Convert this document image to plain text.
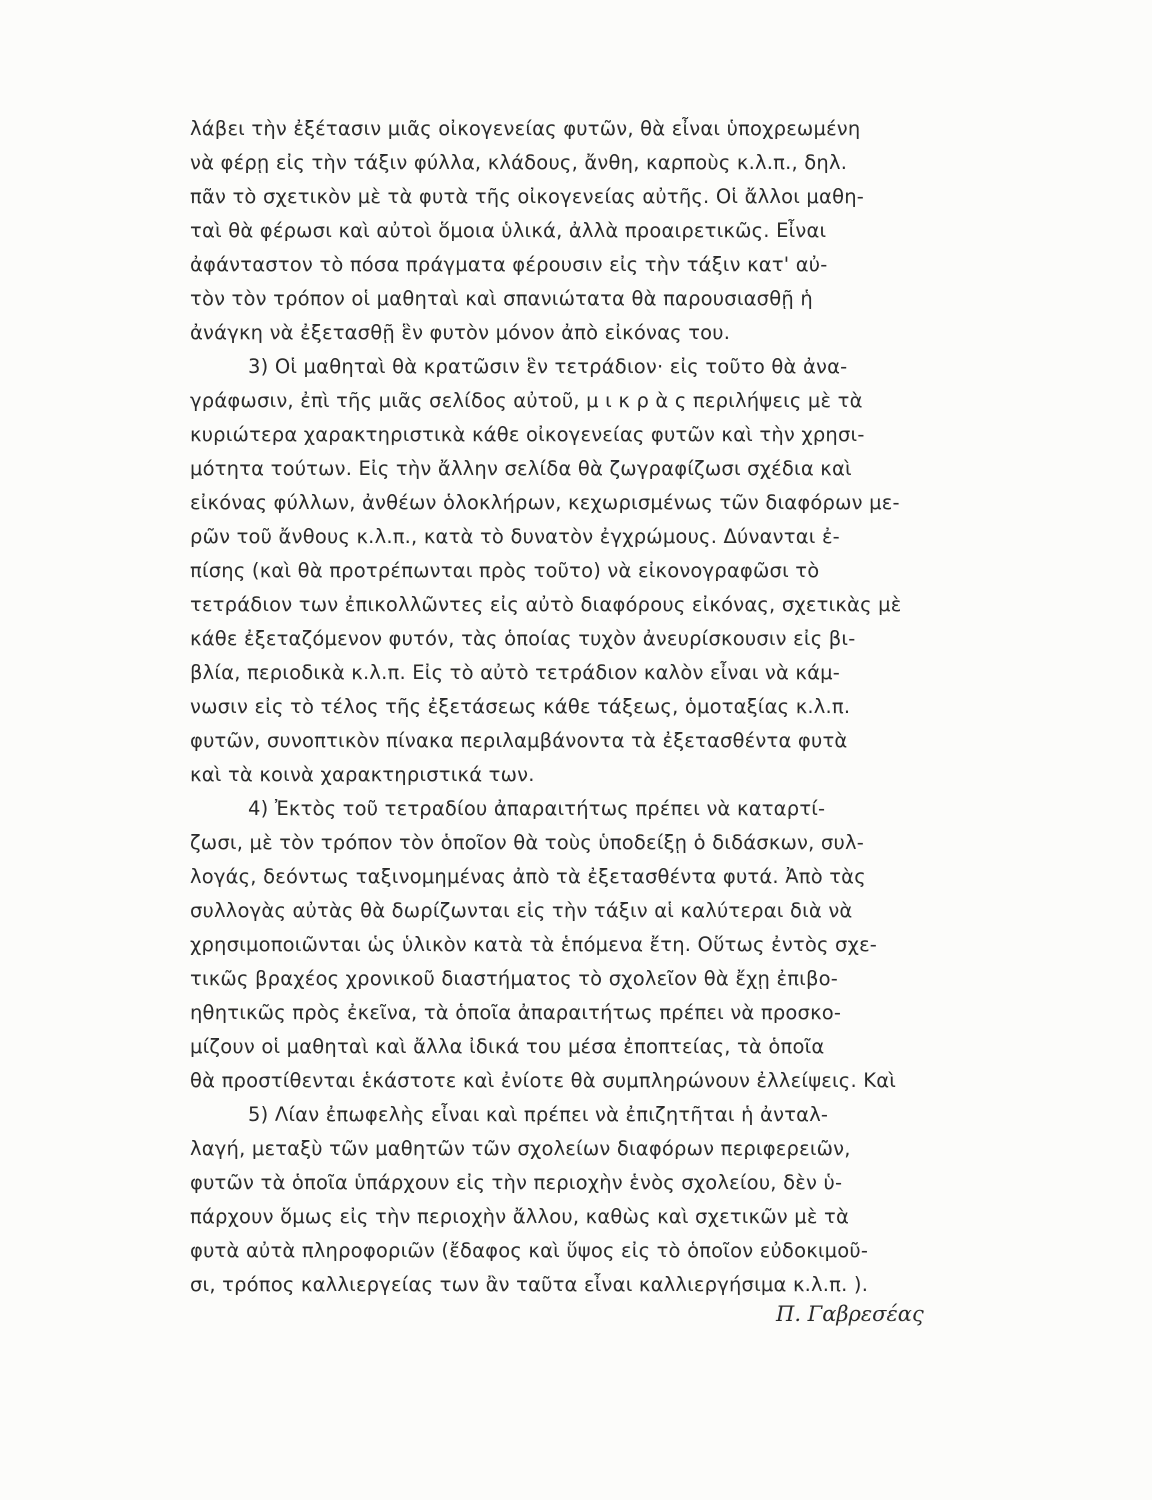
λάβει τὴν ἐξέτασιν μιᾶς οἰκογενείας φυτῶν, θὰ εἶναι ὑποχρεωμένη
νὰ φέρῃ εἰς τὴν τάξιν φύλλα, κλάδους, ἄνθη, καρποὺς κ.λ.π., δηλ.
πᾶν τὸ σχετικὸν μὲ τὰ φυτὰ τῆς οἰκογενείας αὐτῆς. Οἱ ἄλλοι μαθη-
ταὶ θὰ φέρωσι καὶ αὐτοὶ ὅμοια ὑλικά, ἀλλὰ προαιρετικῶς. Εἶναι
ἀφάνταστον τὸ πόσα πράγματα φέρουσιν εἰς τὴν τάξιν κατ' αὐ-
τὸν τὸν τρόπον οἱ μαθηταὶ καὶ σπανιώτατα θὰ παρουσιασθῇ ἡ
ἀνάγκη νὰ ἐξετασθῇ ἓν φυτὸν μόνον ἀπὸ εἰκόνας του.
3) Οἱ μαθηταὶ θὰ κρατῶσιν ἓν τετράδιον· εἰς τοῦτο θὰ ἀνα-
γράφωσιν, ἐπὶ τῆς μιᾶς σελίδος αὐτοῦ, μ ι κ ρ ὰ ς περιλήψεις μὲ τὰ
κυριώτερα χαρακτηριστικὰ κάθε οἰκογενείας φυτῶν καὶ τὴν χρησι-
μότητα τούτων. Εἰς τὴν ἄλλην σελίδα θὰ ζωγραφίζωσι σχέδια καὶ
εἰκόνας φύλλων, ἀνθέων ὁλοκλήρων, κεχωρισμένως τῶν διαφόρων με-
ρῶν τοῦ ἄνθους κ.λ.π., κατὰ τὸ δυνατὸν ἐγχρώμους. Δύνανται ἐ-
πίσης (καὶ θὰ προτρέπωνται πρὸς τοῦτο) νὰ εἰκονογραφῶσι τὸ
τετράδιον των ἐπικολλῶντες εἰς αὐτὸ διαφόρους εἰκόνας, σχετικὰς μὲ
κάθε ἐξεταζόμενον φυτόν, τὰς ὁποίας τυχὸν ἀνευρίσκουσιν εἰς βι-
βλία, περιοδικὰ κ.λ.π. Εἰς τὸ αὐτὸ τετράδιον καλὸν εἶναι νὰ κάμ-
νωσιν εἰς τὸ τέλος τῆς ἐξετάσεως κάθε τάξεως, ὁμοταξίας κ.λ.π.
φυτῶν, συνοπτικὸν πίνακα περιλαμβάνοντα τὰ ἐξετασθέντα φυτὰ
καὶ τὰ κοινὰ χαρακτηριστικά των.
4) Ἐκτὸς τοῦ τετραδίου ἀπαραιτήτως πρέπει νὰ καταρτί-
ζωσι, μὲ τὸν τρόπον τὸν ὁποῖον θὰ τοὺς ὑποδείξῃ ὁ διδάσκων, συλ-
λογάς, δεόντως ταξινομημένας ἀπὸ τὰ ἐξετασθέντα φυτά. Ἀπὸ τὰς
συλλογὰς αὐτὰς θὰ δωρίζωνται εἰς τὴν τάξιν αἱ καλύτεραι διὰ νὰ
χρησιμοποιῶνται ὡς ὑλικὸν κατὰ τὰ ἑπόμενα ἔτη. Οὕτως ἐντὸς σχε-
τικῶς βραχέος χρονικοῦ διαστήματος τὸ σχολεῖον θὰ ἔχῃ ἐπιβο-
ηθητικῶς πρὸς ἐκεῖνα, τὰ ὁποῖα ἀπαραιτήτως πρέπει νὰ προσκο-
μίζουν οἱ μαθηταὶ καὶ ἄλλα ἰδικά του μέσα ἐποπτείας, τὰ ὁποῖα
θὰ προστίθενται ἑκάστοτε καὶ ἐνίοτε θὰ συμπληρώνουν ἐλλείψεις. Καὶ
5) Λίαν ἐπωφελὴς εἶναι καὶ πρέπει νὰ ἐπιζητῆται ἡ ἀνταλ-
λαγή, μεταξὺ τῶν μαθητῶν τῶν σχολείων διαφόρων περιφερειῶν,
φυτῶν τὰ ὁποῖα ὑπάρχουν εἰς τὴν περιοχὴν ἑνὸς σχολείου, δὲν ὑ-
πάρχουν ὅμως εἰς τὴν περιοχὴν ἄλλου, καθὼς καὶ σχετικῶν μὲ τὰ
φυτὰ αὐτὰ πληροφοριῶν (ἔδαφος καὶ ὕψος εἰς τὸ ὁποῖον εὐδοκιμοῦ-
σι, τρόπος καλλιεργείας των ἂν ταῦτα εἶναι καλλιεργήσιμα κ.λ.π. ).
Π. Γαβρεσέας
